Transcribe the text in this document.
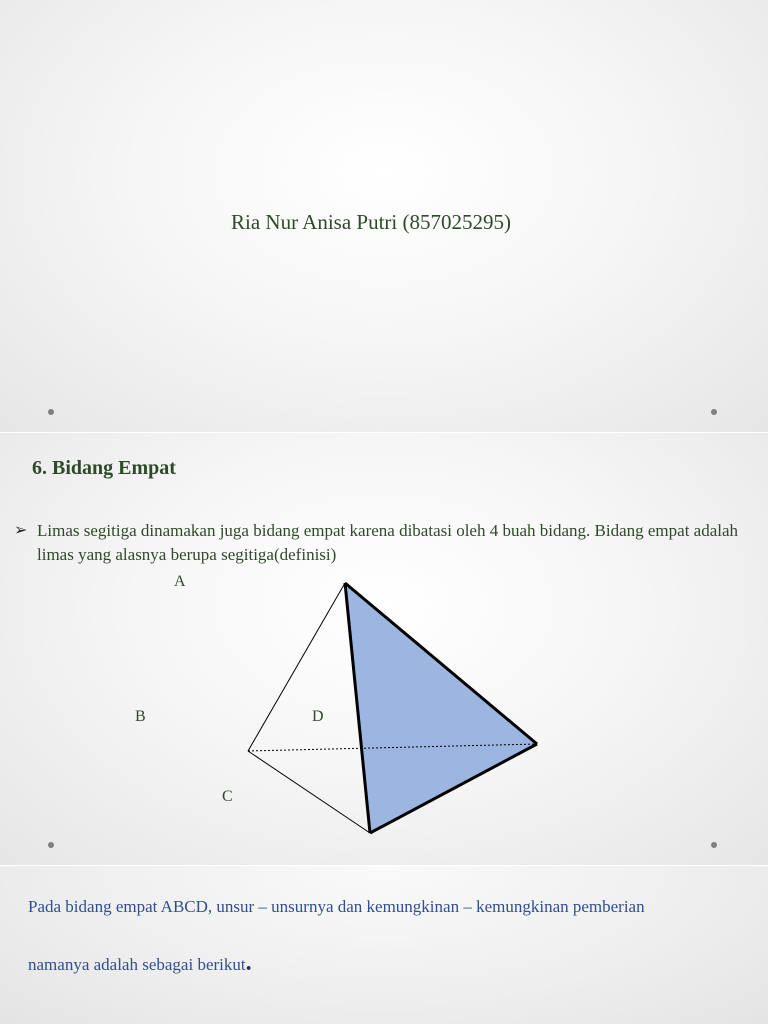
Ria Nur Anisa Putri (857025295)
6. Bidang Empat
➢ Limas segitiga dinamakan juga bidang empat karena dibatasi oleh 4 buah bidang. Bidang empat adalah limas yang alasnya berupa segitiga(definisi)
A
B	D
C
Pada bidang empat ABCD, unsur – unsurnya dan kemungkinan – kemungkinan pemberian
namanya adalah sebagai berikut.
